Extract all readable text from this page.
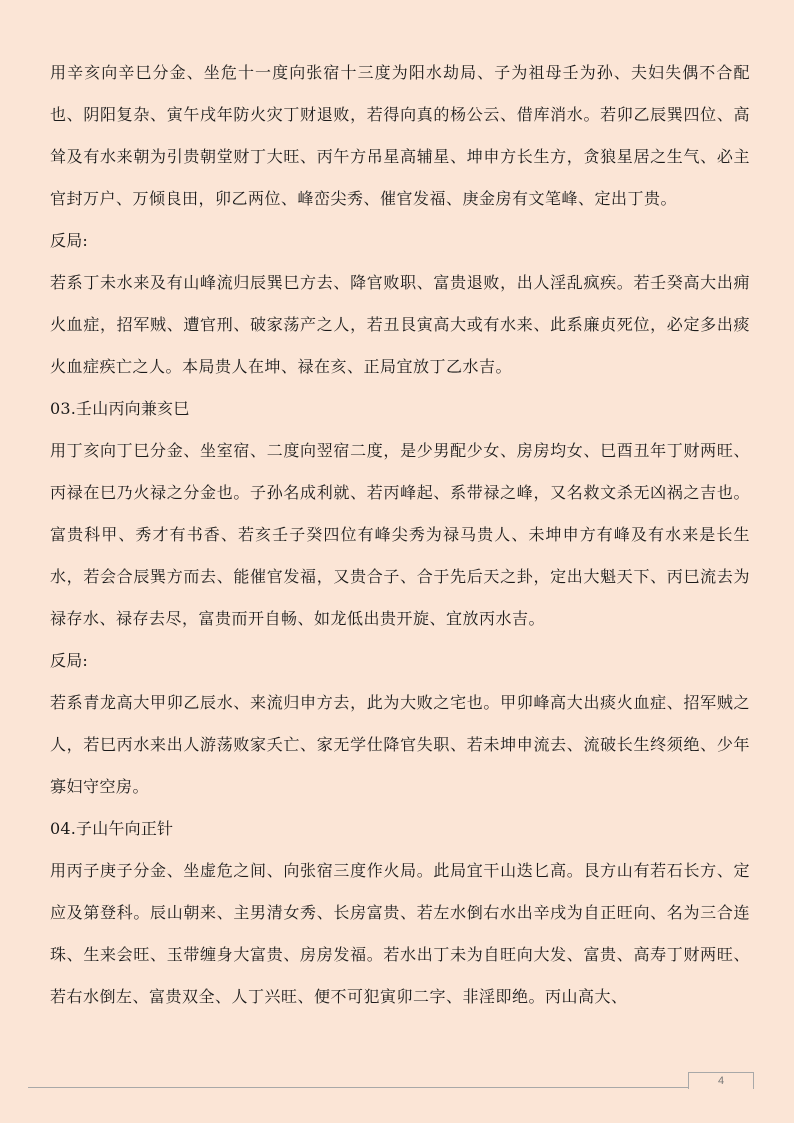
用辛亥向辛巳分金、坐危十一度向张宿十三度为阳水劫局、子为祖母壬为孙、夫妇失偶不合配也、阴阳复杂、寅午戌年防火灾丁财退败，若得向真的杨公云、借库消水。若卯乙辰巽四位、高耸及有水来朝为引贵朝堂财丁大旺、丙午方吊星高辅星、坤申方长生方，贪狼星居之生气、必主官封万户、万倾良田，卯乙两位、峰峦尖秀、催官发福、庚金房有文笔峰、定出丁贵。

反局:

若系丁未水来及有山峰流归辰巽巳方去、降官败职、富贵退败，出人淫乱疯疾。若壬癸高大出痈火血症，招军贼、遭官刑、破家荡产之人，若丑艮寅高大或有水来、此系廉贞死位，必定多出痰火血症疾亡之人。本局贵人在坤、禄在亥、正局宜放丁乙水吉。

03.壬山丙向兼亥巳

用丁亥向丁巳分金、坐室宿、二度向翌宿二度，是少男配少女、房房均女、巳酉丑年丁财两旺、丙禄在巳乃火禄之分金也。子孙名成利就、若丙峰起、系带禄之峰，又名救文杀无凶祸之吉也。富贵科甲、秀才有书香、若亥壬子癸四位有峰尖秀为禄马贵人、未坤申方有峰及有水来是长生水，若会合辰巽方而去、能催官发福，又贵合子、合于先后天之卦，定出大魁天下、丙巳流去为禄存水、禄存去尽，富贵而开自畅、如龙低出贵开旋、宜放丙水吉。

反局:

若系青龙高大甲卯乙辰水、来流归申方去，此为大败之宅也。甲卯峰高大出痰火血症、招军贼之人，若巳丙水来出人游荡败家夭亡、家无学仕降官失职、若未坤申流去、流破长生终须绝、少年寡妇守空房。

04.子山午向正针

用丙子庚子分金、坐虚危之间、向张宿三度作火局。此局宜干山迭匕高。艮方山有若石长方、定应及第登科。辰山朝来、主男清女秀、长房富贵、若左水倒右水出辛戌为自正旺向、名为三合连珠、生来会旺、玉带缠身大富贵、房房发福。若水出丁未为自旺向大发、富贵、高寿丁财两旺、若右水倒左、富贵双全、人丁兴旺、便不可犯寅卯二字、非淫即绝。丙山高大、

4
